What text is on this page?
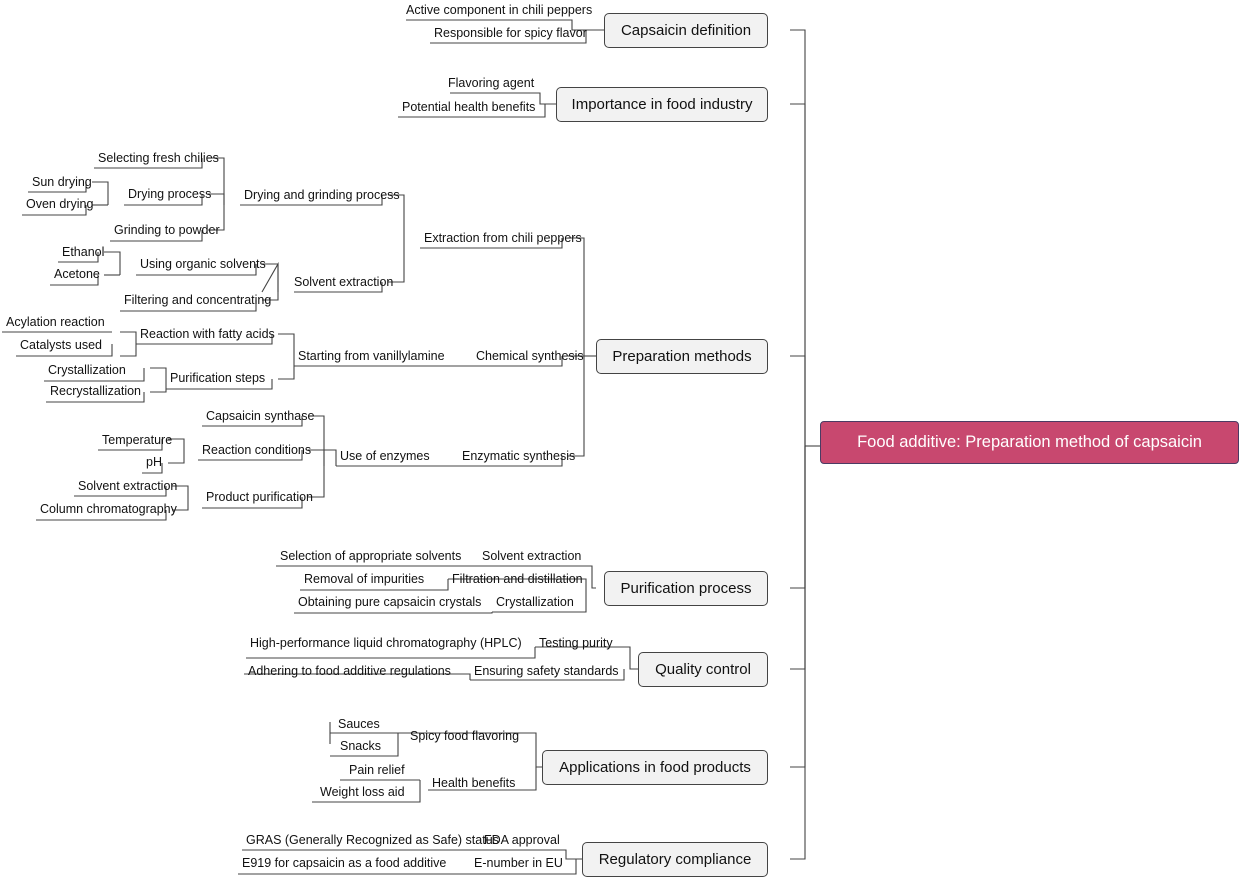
Food additive: Preparation method of capsaicin
Capsaicin definition
Importance in food industry
Preparation methods
Purification process
Quality control
Applications in food products
Regulatory compliance
Active component in chili peppers
Responsible for spicy flavor
Flavoring agent
Potential health benefits
Extraction from chili peppers
Chemical synthesis
Enzymatic synthesis
Drying and grinding process
Solvent extraction
Selecting fresh chilies
Drying process
Grinding to powder
Sun drying
Oven drying
Using organic solvents
Filtering and concentrating
Ethanol
Acetone
Starting from vanillylamine
Reaction with fatty acids
Purification steps
Acylation reaction
Catalysts used
Crystallization
Recrystallization
Use of enzymes
Capsaicin synthase
Reaction conditions
Product purification
Temperature
pH
Solvent extraction
Column chromatography
Solvent extraction
Filtration and distillation
Crystallization
Selection of appropriate solvents
Removal of impurities
Obtaining pure capsaicin crystals
Testing purity
Ensuring safety standards
High-performance liquid chromatography (HPLC)
Adhering to food additive regulations
Spicy food flavoring
Health benefits
Sauces
Snacks
Pain relief
Weight loss aid
FDA approval
E-number in EU
GRAS (Generally Recognized as Safe) status
E919 for capsaicin as a food additive
